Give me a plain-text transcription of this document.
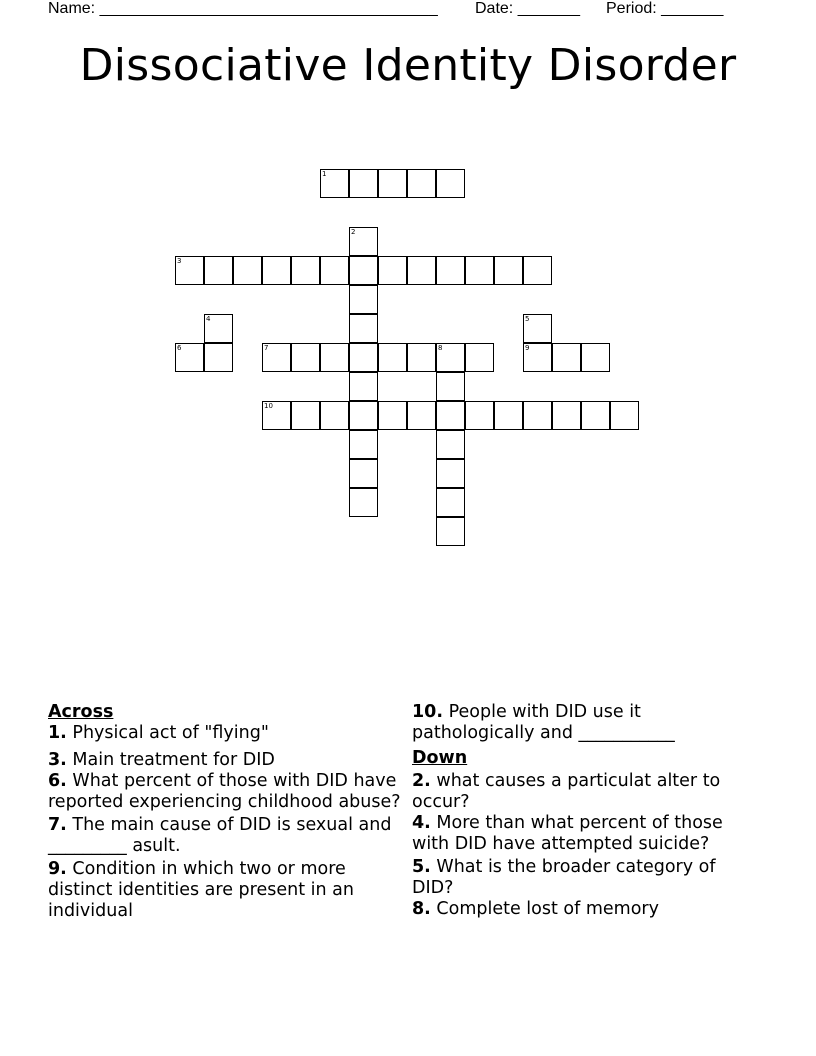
Name: ______________________________________ Date: _______ Period: _______
Dissociative Identity Disorder
1
2
3
4	5
9
6	7	8
10
Across

1. Physical act of "flying"

3. Main treatment for DID

6. What percent of those with DID have reported experiencing childhood abuse?

7. The main cause of DID is sexual and _________ asult.

9. Condition in which two or more distinct identities are present in an individual

10. People with DID use it pathologically and ___________

Down

2. what causes a particulat alter to occur?

4. More than what percent of those with DID have attempted suicide?

5. What is the broader category of DID?

8. Complete lost of memory
